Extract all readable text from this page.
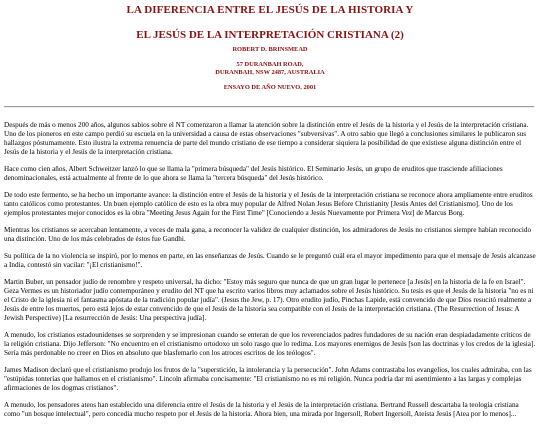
LA DIFERENCIA ENTRE EL JESÚS DE LA HISTORIA Y
EL JESÚS DE LA INTERPRETACIÓN CRISTIANA (2)
ROBERT D. BRINSMEAD
57 DURANBAH ROAD,
DURANBAH, NSW 2487, AUSTRALIA
ENSAYO DE AÑO NUEVO, 2001

Después de más o menos 200 años, algunos sabios sobre el NT comenzaron a llamar la atención sobre la distinción entre el Jesús de la historia y el Jesús de la interpretación cristiana. Uno de los pioneros en este campo perdió su escuela en la universidad a causa de estas observaciones "subversivas". A otro sabio que llegó a conclusiones similares le publicaron sus hallazgos póstumamente. Esto ilustra la extrema renuencia de parte del mundo cristiano de ese tiempo a considerar siquiera la posibilidad de que existiese alguna distinción entre el Jesús de la historia y el Jesús de la interpretación cristiana.

Hace como cien años, Albert Schweitzer lanzó lo que se llama la "primera búsqueda" del Jesús histórico. El Seminario Jesús, un grupo de eruditos que trasciende afiliaciones denominacionales, está actualmente al frente de lo que ahora se llama la "tercera búsqueda" del Jesús histórico.

De todo este fermento, se ha hecho un importante avance: la distinción entre el Jesús de la historia y el Jesús de la interpretación cristiana se reconoce ahora ampliamente entre eruditos tanto católicos como protestantes. Un buen ejemplo católico de esto es la obra muy popular de Alfred Nolan Jesus Before Christianity [Jesús Antes del Cristianismo]. Uno de los ejemplos protestantes mejor conocidos es la obra "Meeting Jesus Again for the First Time" [Conociendo a Jesús Nuevamente por Primera Vez] de Marcus Borg.

Mientras los cristianos se acercaban lentamente, a veces de mala gana, a reconocer la validez de cualquier distinción, los admiradores de Jesús no cristianos siempre habían reconocido una distinción. Uno de los más celebrados de éstos fue Gandhi.

Su política de la no violencia se inspiró, por lo menos en parte, en las enseñanzas de Jesús. Cuando se le preguntó cuál era el mayor impedimento para que el mensaje de Jesús alcanzase a India, contestó sin vacilar: "¡El cristianismo!".

Martin Buber, un pensador judío de renombre y respeto universal, ha dicho: "Estoy más seguro que nunca de que un gran lugar le pertenece [a Jesús] en la historia de la fe en Israel". Geza Vermes es un historiador judío contemporáneo y erudito del NT que ha escrito varios libros muy aclamados sobre el Jesús histórico. Su tesis es que el Jesús de la historia "no es ni el Cristo de la iglesia ni el fantasma apóstata de la tradición popular judía". (Jesus the Jew, p. 17). Otro erudito judío, Pinchas Lapide, está convencido de que Dios resucitó realmente a Jesús de entre los muertos, pero está lejos de estar convencido de que el Jesús de la historia sea compatible con el Jesús de la interpretación cristiana. (The Resurrection of Jesus: A Jewish Perspective) [La resurrección de Jesús: Una perspectiva judía].

A menudo, los cristianos estadounidenses se sorprenden y se impresionan cuando se enteran de que los reverenciados padres fundadores de su nación eran despiadadamente críticos de la religión cristiana. Dijo Jefferson: "No encuentro en el cristianismo ortodoxo un solo rasgo que lo redima. Los mayores enemigos de Jesús [son las doctrinas y los credos de la iglesia]. Sería más perdonable no creer en Dios en absoluto que blasfemarlo con los atroces escritos de los teólogos".

James Madison declaró que el cristianismo produjo los frutos de la "superstición, la intolerancia y la persecución". John Adams contrastaba los evangelios, los cuales admiraba, con las "estúpidas tonterías que hallamos en el cristianismo". Lincoln afirmaba concisamente: "El cristianismo no es mi religión. Nunca podría dar mi asentimiento a las largas y complejas afirmaciones de los dogmas cristianos".

A menudo, los pensadores ateos han establecido una diferencia entre el Jesús de la historia y el Jesús de la interpretación cristiana. Bertrand Russell descartaba la teología cristiana como "un bosque intelectual", pero concedía mucho respeto por el Jesús de la historia. Ahora bien, una mirada por Ingersoll, Robert Ingersoll, Ateísta Jesús [Atea por lo menos]...
